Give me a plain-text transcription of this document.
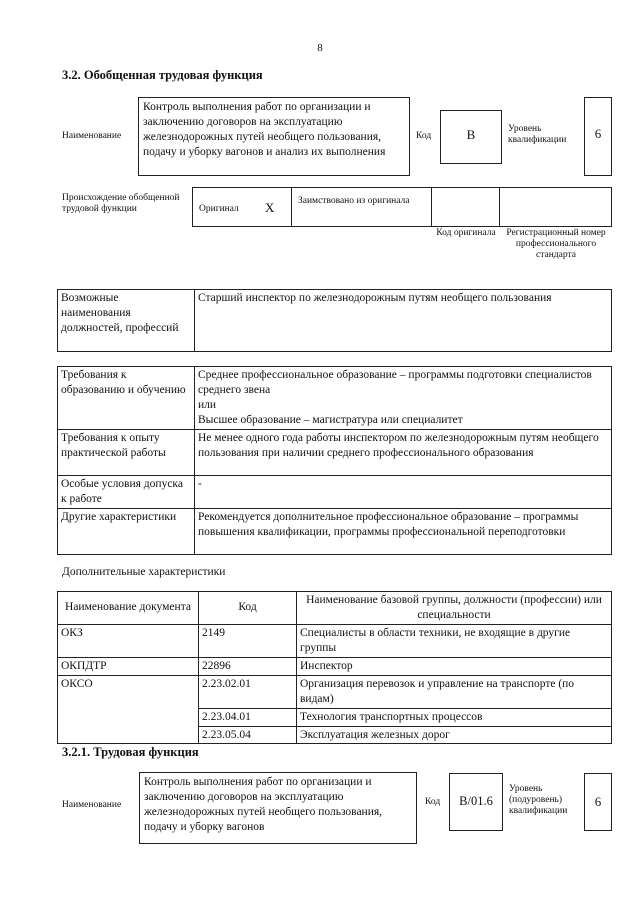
8
3.2. Обобщенная трудовая функция
Наименование
Контроль выполнения работ по организации и заключению договоров на эксплуатацию железнодорожных путей необщего пользования, подачу и уборку вагонов и анализ их выполнения
Код	B	Уровень квалификации	6
Происхождение обобщенной трудовой функции	Оригинал X Заимствовано из оригинала
Код оригинала Регистрационный номер профессионального стандарта
Возможные наименования должностей, профессий	Старший инспектор по железнодорожным путям необщего пользования
Требования к образованию и обучению	Среднее профессиональное образование – программы подготовки специалистов среднего звена
или
Высшее образование – магистратура или специалитет
Требования к опыту практической работы	Не менее одного года работы инспектором по железнодорожным путям необщего пользования при наличии среднего профессионального образования
Особые условия допуска к работе	-
Другие характеристики	Рекомендуется дополнительное профессиональное образование – программы повышения квалификации, программы профессиональной переподготовки
Дополнительные характеристики
Наименование документа	Код	Наименование базовой группы, должности (профессии) или специальности
ОКЗ	2149	Специалисты в области техники, не входящие в другие группы
ОКПДТР	22896	Инспектор
ОКСО	2.23.02.01	Организация перевозок и управление на транспорте (по видам)
	2.23.04.01	Технология транспортных процессов
	2.23.05.04	Эксплуатация железных дорог
3.2.1. Трудовая функция
Наименование
Контроль выполнения работ по организации и заключению договоров на эксплуатацию железнодорожных путей необщего пользования, подачу и уборку вагонов
Код	B/01.6
Уровень (подуровень) квалификации
6
